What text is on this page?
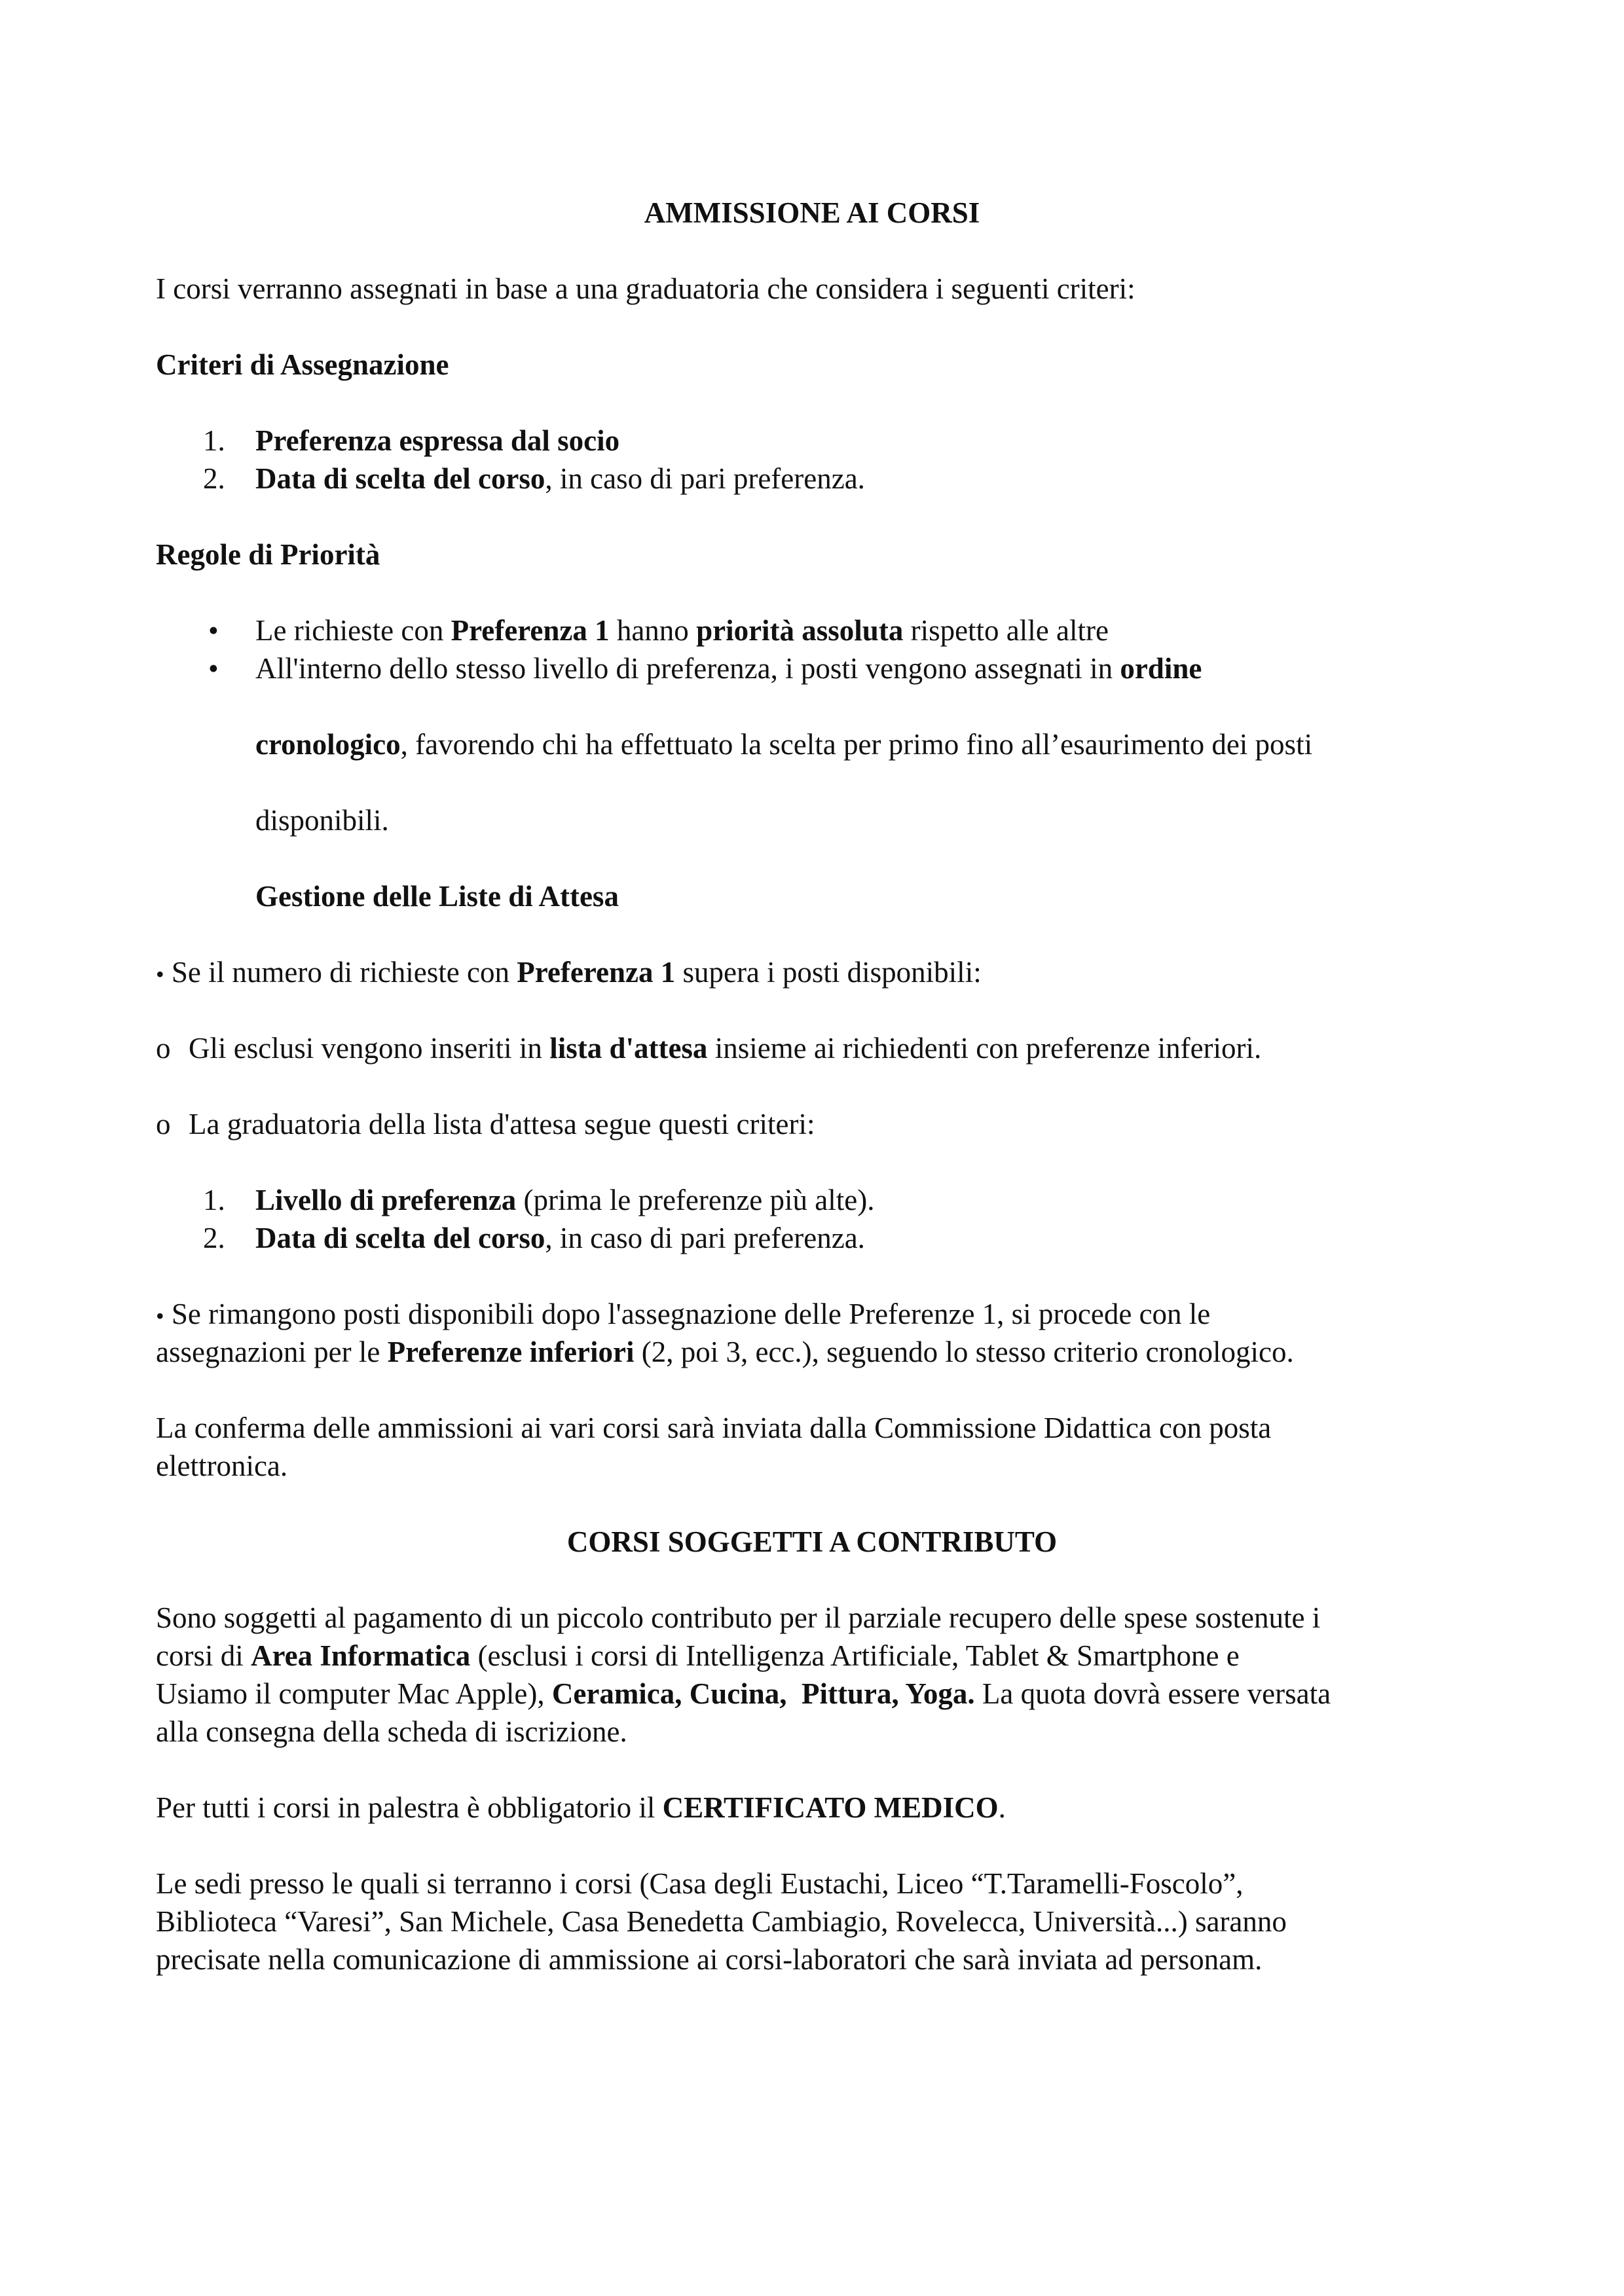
AMMISSIONE AI CORSI
I corsi verranno assegnati in base a una graduatoria che considera i seguenti criteri:
Criteri di Assegnazione
1. Preferenza espressa dal socio
2. Data di scelta del corso, in caso di pari preferenza.
Regole di Priorità
• Le richieste con Preferenza 1 hanno priorità assoluta rispetto alle altre
• All'interno dello stesso livello di preferenza, i posti vengono assegnati in ordine
cronologico, favorendo chi ha effettuato la scelta per primo fino all’esaurimento dei posti
disponibili.
Gestione delle Liste di Attesa
• Se il numero di richieste con Preferenza 1 supera i posti disponibili:
o Gli esclusi vengono inseriti in lista d'attesa insieme ai richiedenti con preferenze inferiori.
o La graduatoria della lista d'attesa segue questi criteri:
1. Livello di preferenza (prima le preferenze più alte).
2. Data di scelta del corso, in caso di pari preferenza.
• Se rimangono posti disponibili dopo l'assegnazione delle Preferenze 1, si procede con le
assegnazioni per le Preferenze inferiori (2, poi 3, ecc.), seguendo lo stesso criterio cronologico.
La conferma delle ammissioni ai vari corsi sarà inviata dalla Commissione Didattica con posta
elettronica.
CORSI SOGGETTI A CONTRIBUTO
Sono soggetti al pagamento di un piccolo contributo per il parziale recupero delle spese sostenute i
corsi di Area Informatica (esclusi i corsi di Intelligenza Artificiale, Tablet & Smartphone e
Usiamo il computer Mac Apple), Ceramica, Cucina,  Pittura, Yoga. La quota dovrà essere versata
alla consegna della scheda di iscrizione.
Per tutti i corsi in palestra è obbligatorio il CERTIFICATO MEDICO.
Le sedi presso le quali si terranno i corsi (Casa degli Eustachi, Liceo “T.Taramelli-Foscolo”,
Biblioteca “Varesi”, San Michele, Casa Benedetta Cambiagio, Rovelecca, Università...) saranno
precisate nella comunicazione di ammissione ai corsi-laboratori che sarà inviata ad personam.
